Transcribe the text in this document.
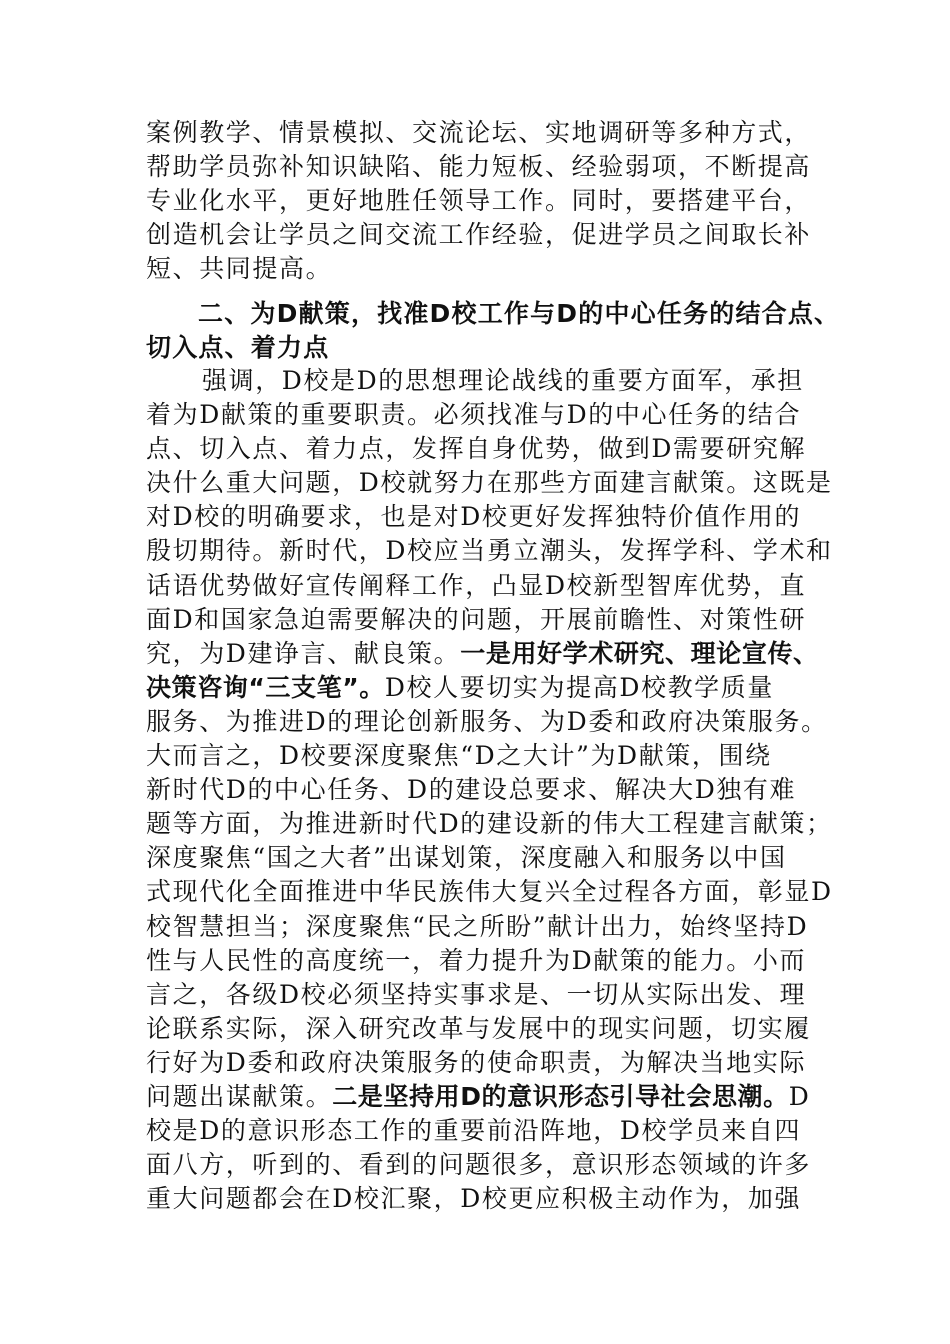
案例教学、情景模拟、交流论坛、实地调研等多种方式，
帮助学员弥补知识缺陷、能力短板、经验弱项，不断提高
专业化水平，更好地胜任领导工作。同时，要搭建平台，
创造机会让学员之间交流工作经验，促进学员之间取长补
短、共同提高。
二、为D献策，找准D校工作与D的中心任务的结合点、
切入点、着力点
强调，D校是D的思想理论战线的重要方面军，承担
着为D献策的重要职责。必须找准与D的中心任务的结合
点、切入点、着力点，发挥自身优势，做到D需要研究解
决什么重大问题，D校就努力在那些方面建言献策。这既是
对D校的明确要求，也是对D校更好发挥独特价值作用的
殷切期待。新时代，D校应当勇立潮头，发挥学科、学术和
话语优势做好宣传阐释工作，凸显D校新型智库优势，直
面D和国家急迫需要解决的问题，开展前瞻性、对策性研
究，为D建诤言、献良策。一是用好学术研究、理论宣传、
决策咨询“三支笔”。D校人要切实为提高D校教学质量
服务、为推进D的理论创新服务、为D委和政府决策服务。
大而言之，D校要深度聚焦“D之大计”为D献策，围绕
新时代D的中心任务、D的建设总要求、解决大D独有难
题等方面，为推进新时代D的建设新的伟大工程建言献策；
深度聚焦“国之大者”出谋划策，深度融入和服务以中国
式现代化全面推进中华民族伟大复兴全过程各方面，彰显D
校智慧担当；深度聚焦“民之所盼”献计出力，始终坚持D
性与人民性的高度统一，着力提升为D献策的能力。小而
言之，各级D校必须坚持实事求是、一切从实际出发、理
论联系实际，深入研究改革与发展中的现实问题，切实履
行好为D委和政府决策服务的使命职责，为解决当地实际
问题出谋献策。二是坚持用D的意识形态引导社会思潮。D
校是D的意识形态工作的重要前沿阵地，D校学员来自四
面八方，听到的、看到的问题很多，意识形态领域的许多
重大问题都会在D校汇聚，D校更应积极主动作为，加强
